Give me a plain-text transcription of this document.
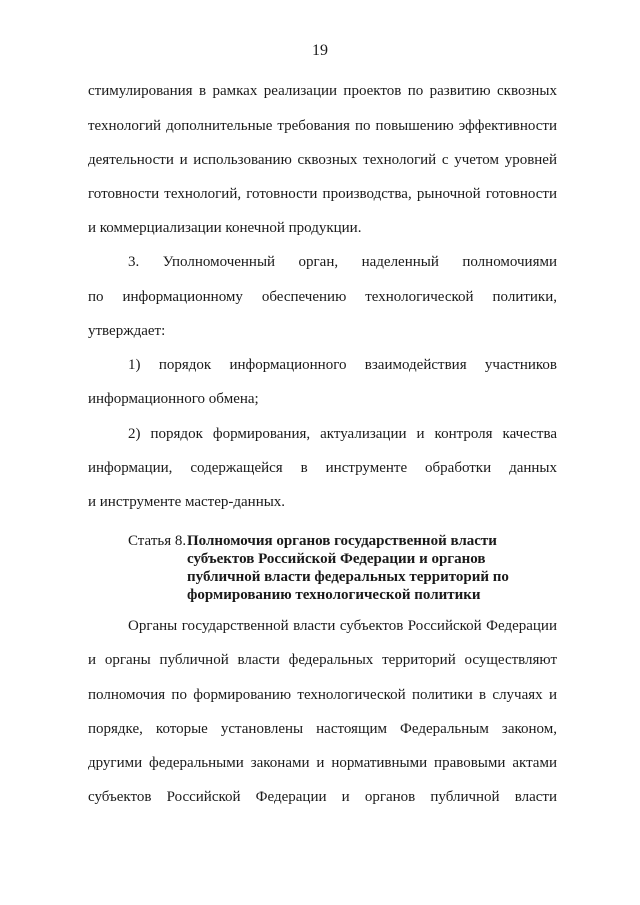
19
стимулирования в рамках реализации проектов по развитию сквозных
технологий дополнительные требования по повышению эффективности
деятельности и использованию сквозных технологий с учетом уровней
готовности технологий, готовности производства, рыночной готовности
и коммерциализации конечной продукции.
3. Уполномоченный орган, наделенный полномочиями
по информационному обеспечению технологической политики,
утверждает:
1) порядок информационного взаимодействия участников
информационного обмена;
2) порядок формирования, актуализации и контроля качества
информации, содержащейся в инструменте обработки данных
и инструменте мастер-данных.
Статья 8. Полномочия органов государственной власти
субъектов Российской Федерации и органов
публичной власти федеральных территорий по
формированию технологической политики
Органы государственной власти субъектов Российской Федерации
и органы публичной власти федеральных территорий осуществляют
полномочия по формированию технологической политики в случаях и
порядке, которые установлены настоящим Федеральным законом,
другими федеральными законами и нормативными правовыми актами
субъектов Российской Федерации и органов публичной власти
